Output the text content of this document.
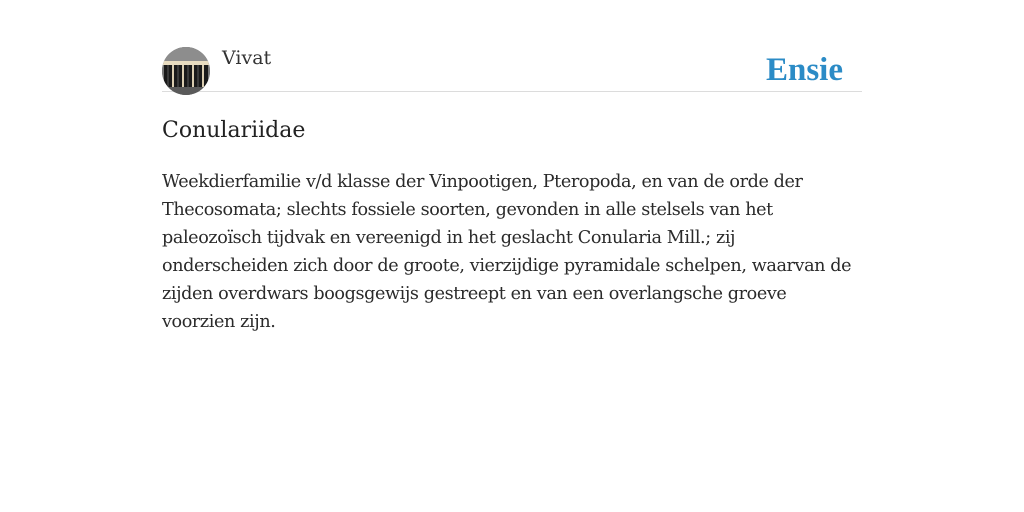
Vivat	Ensie
Conulariidae

Weekdierfamilie v/d klasse der Vinpootigen, Pteropoda, en van de orde der Thecosomata; slechts fossiele soorten, gevonden in alle stelsels van het paleozoïsch tijdvak en vereenigd in het geslacht Conularia Mill.; zij onderscheiden zich door de groote, vierzijdige pyramidale schelpen, waarvan de zijden overdwars boogsgewijs gestreept en van een overlangsche groeve voorzien zijn.
